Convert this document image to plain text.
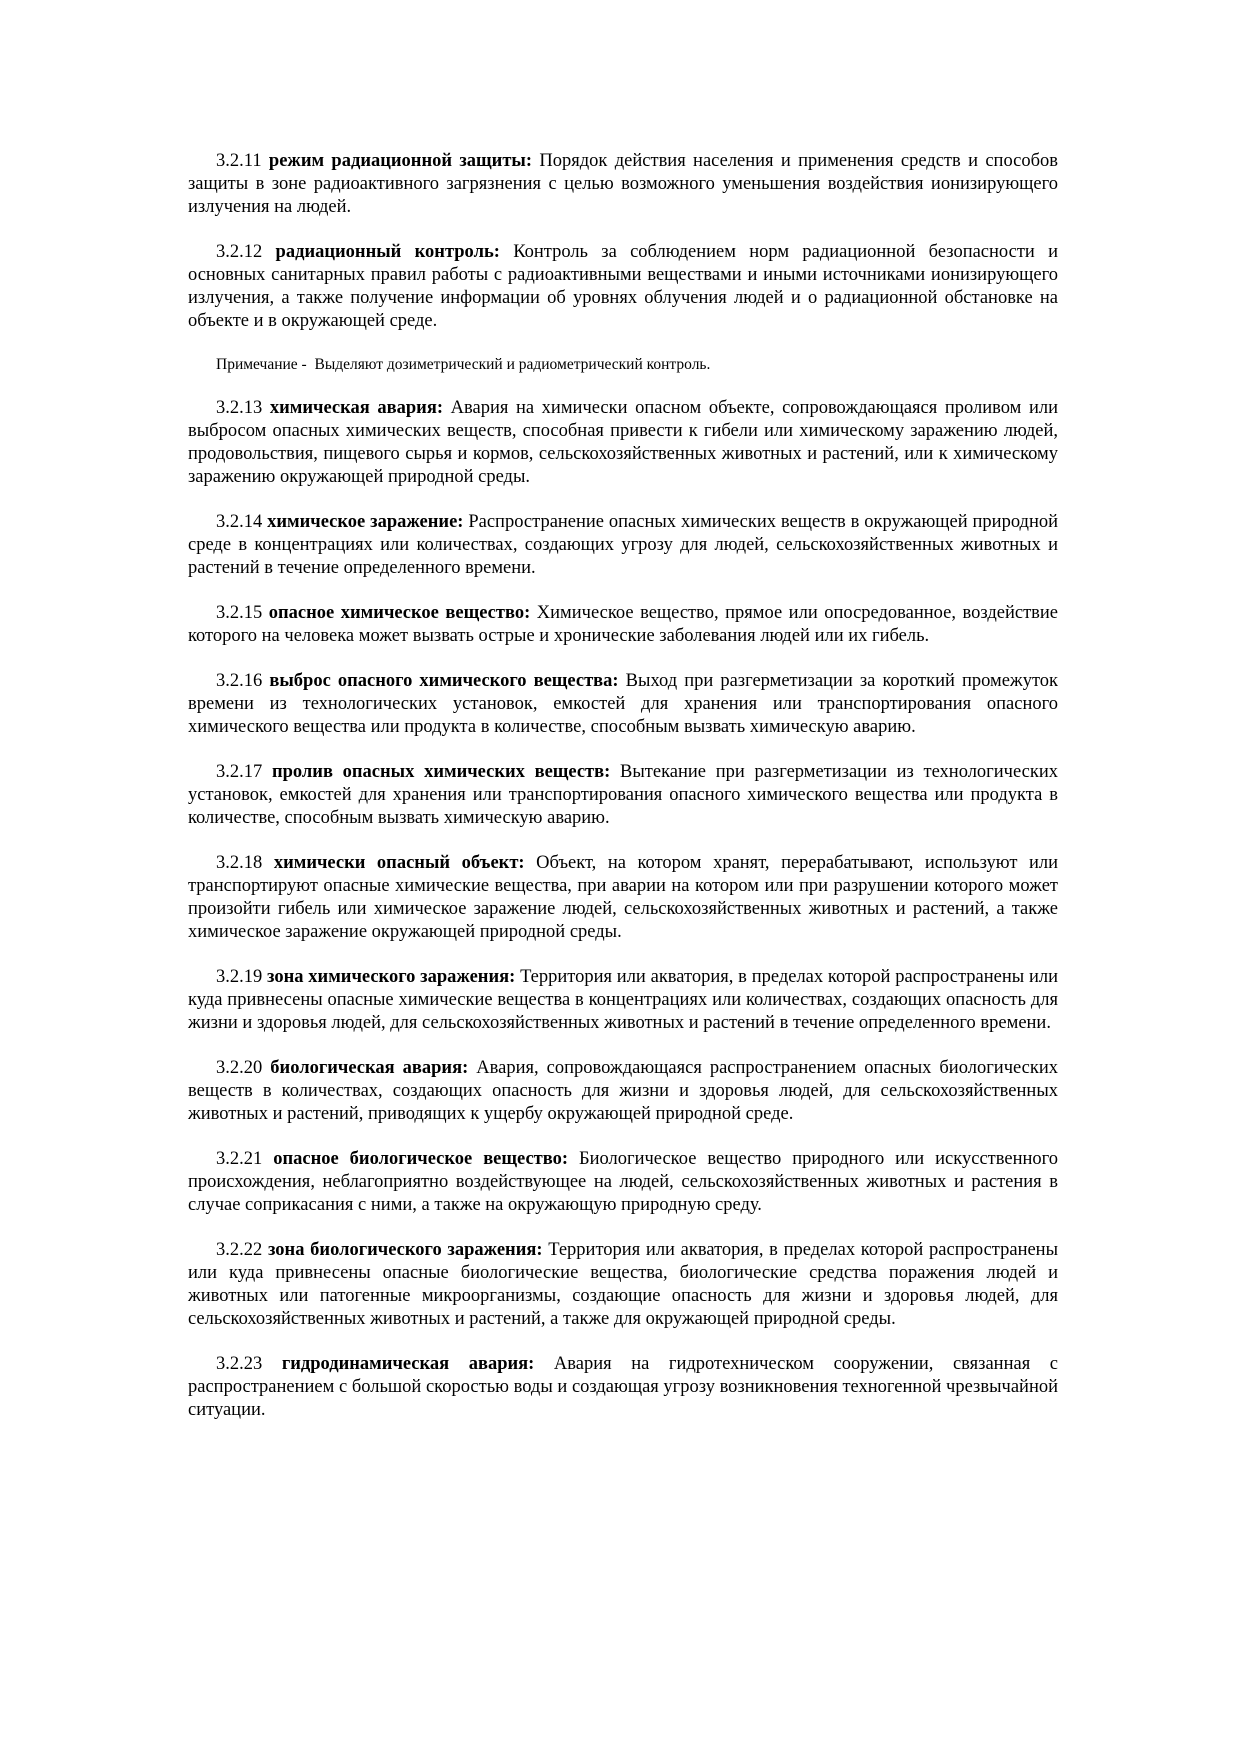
3.2.11 режим радиационной защиты: Порядок действия населения и применения средств и способов защиты в зоне радиоактивного загрязнения с целью возможного уменьшения воздействия ионизирующего излучения на людей.

3.2.12 радиационный контроль: Контроль за соблюдением норм радиационной безопасности и основных санитарных правил работы с радиоактивными веществами и иными источниками ионизирующего излучения, а также получение информации об уровнях облучения людей и о радиационной обстановке на объекте и в окружающей среде.

Примечание - Выделяют дозиметрический и радиометрический контроль.

3.2.13 химическая авария: Авария на химически опасном объекте, сопровождающаяся проливом или выбросом опасных химических веществ, способная привести к гибели или химическому заражению людей, продовольствия, пищевого сырья и кормов, сельскохозяйственных животных и растений, или к химическому заражению окружающей природной среды.

3.2.14 химическое заражение: Распространение опасных химических веществ в окружающей природной среде в концентрациях или количествах, создающих угрозу для людей, сельскохозяйственных животных и растений в течение определенного времени.

3.2.15 опасное химическое вещество: Химическое вещество, прямое или опосредованное, воздействие которого на человека может вызвать острые и хронические заболевания людей или их гибель.

3.2.16 выброс опасного химического вещества: Выход при разгерметизации за короткий промежуток времени из технологических установок, емкостей для хранения или транспортирования опасного химического вещества или продукта в количестве, способным вызвать химическую аварию.

3.2.17 пролив опасных химических веществ: Вытекание при разгерметизации из технологических установок, емкостей для хранения или транспортирования опасного химического вещества или продукта в количестве, способным вызвать химическую аварию.

3.2.18 химически опасный объект: Объект, на котором хранят, перерабатывают, используют или транспортируют опасные химические вещества, при аварии на котором или при разрушении которого может произойти гибель или химическое заражение людей, сельскохозяйственных животных и растений, а также химическое заражение окружающей природной среды.

3.2.19 зона химического заражения: Территория или акватория, в пределах которой распространены или куда привнесены опасные химические вещества в концентрациях или количествах, создающих опасность для жизни и здоровья людей, для сельскохозяйственных животных и растений в течение определенного времени.

3.2.20 биологическая авария: Авария, сопровождающаяся распространением опасных биологических веществ в количествах, создающих опасность для жизни и здоровья людей, для сельскохозяйственных животных и растений, приводящих к ущербу окружающей природной среде.

3.2.21 опасное биологическое вещество: Биологическое вещество природного или искусственного происхождения, неблагоприятно воздействующее на людей, сельскохозяйственных животных и растения в случае соприкасания с ними, а также на окружающую природную среду.

3.2.22 зона биологического заражения: Территория или акватория, в пределах которой распространены или куда привнесены опасные биологические вещества, биологические средства поражения людей и животных или патогенные микроорганизмы, создающие опасность для жизни и здоровья людей, для сельскохозяйственных животных и растений, а также для окружающей природной среды.

3.2.23 гидродинамическая авария: Авария на гидротехническом сооружении, связанная с распространением с большой скоростью воды и создающая угрозу возникновения техногенной чрезвычайной ситуации.
